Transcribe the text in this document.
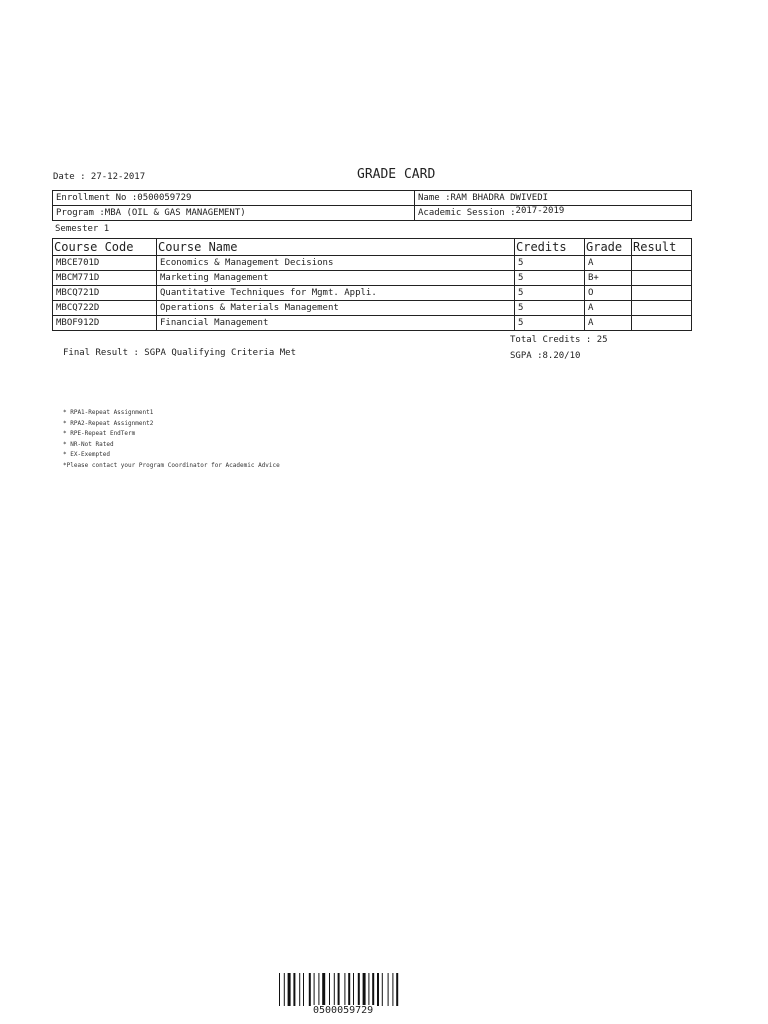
Date : 27-12-2017	GRADE CARD
Enrollment No :0500059729	Name :RAM BHADRA DWIVEDI
Program :MBA (OIL & GAS MANAGEMENT)	Academic Session :2017-2019
Semester 1
Course Code	Course Name	Credits	Grade	Result
MBCE701D	Economics & Management Decisions	5	A	
MBCM771D	Marketing Management	5	B+	
MBCQ721D	Quantitative Techniques for Mgmt. Appli.	5	O	
MBCQ722D	Operations & Materials Management	5	A	
MBOF912D	Financial Management	5	A	
Total Credits : 25
Final Result : SGPA Qualifying Criteria Met	SGPA :8.20/10
* RPA1-Repeat Assignment1
* RPA2-Repeat Assignment2
* RPE-Repeat EndTerm
* NR-Not Rated
* EX-Exempted
*Please contact your Program Coordinator for Academic Advice
0500059729
